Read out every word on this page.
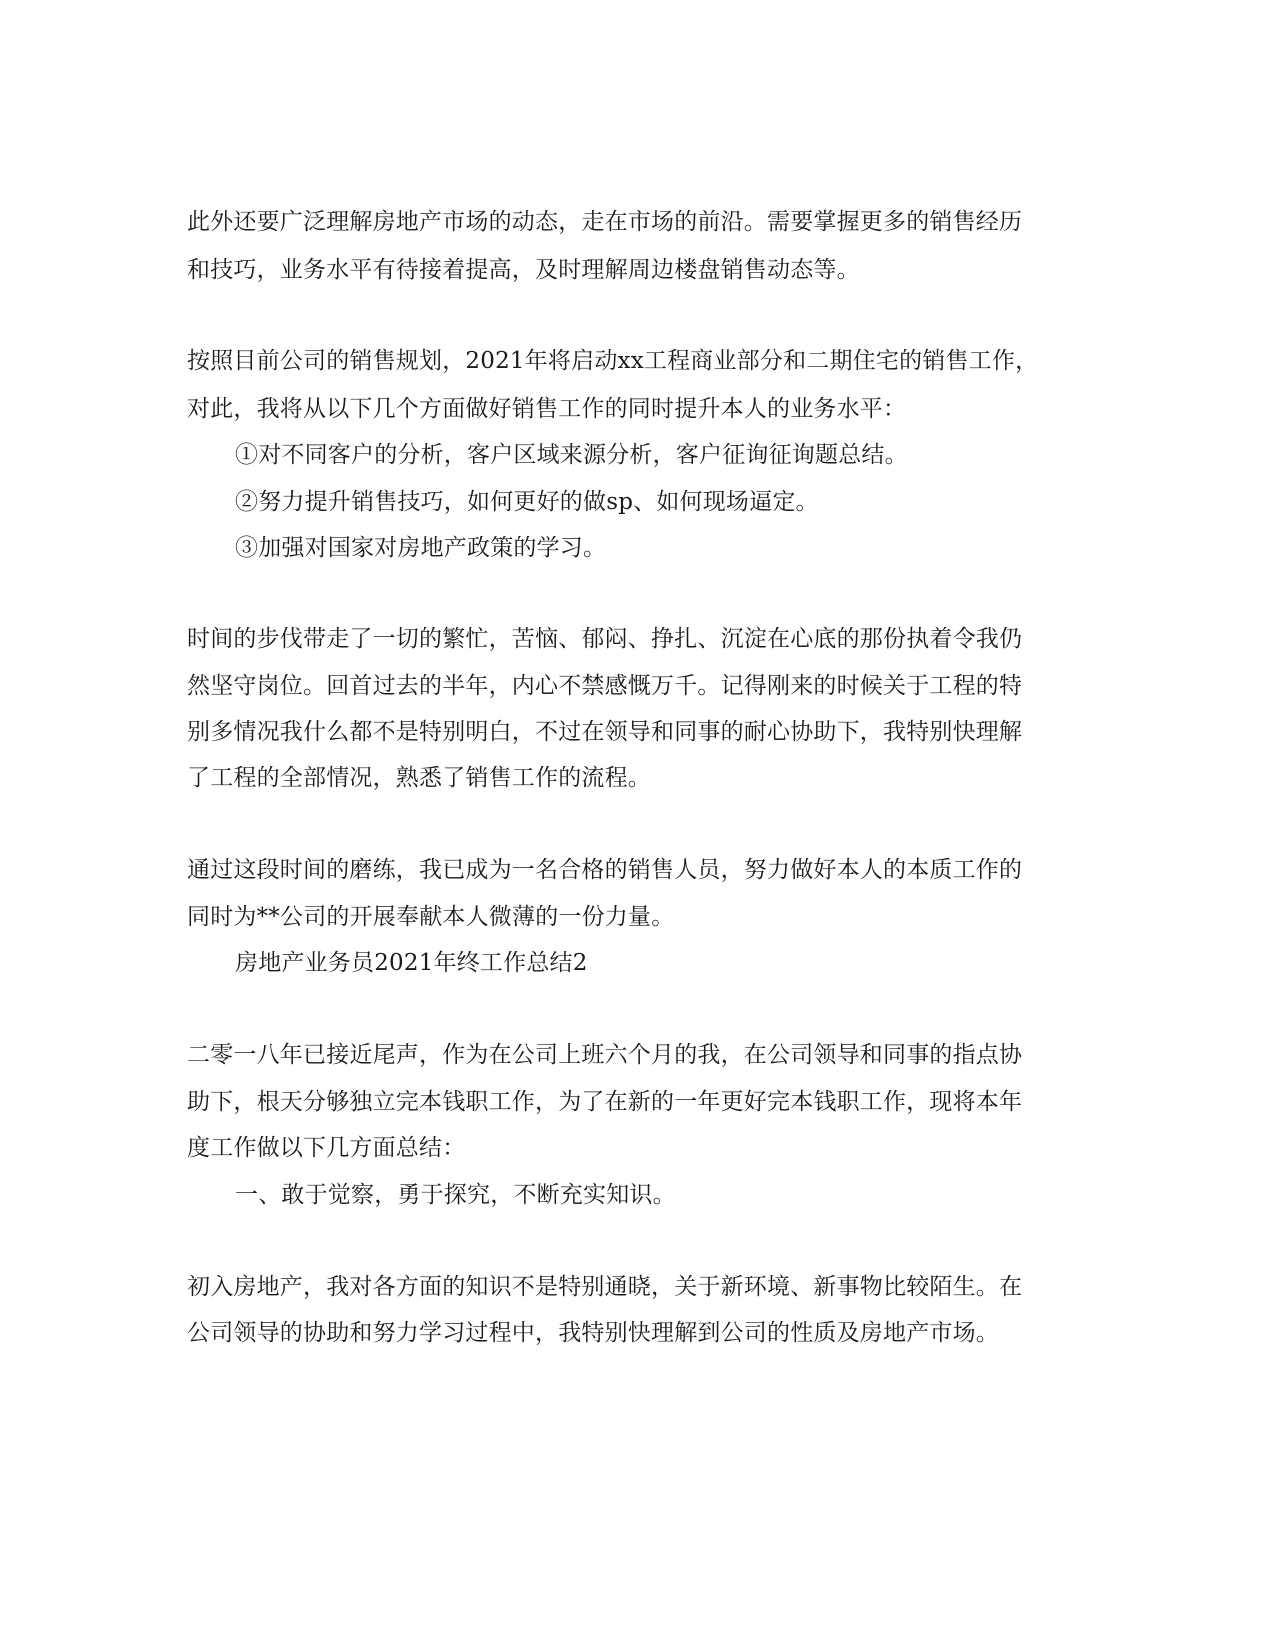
此外还要广泛理解房地产市场的动态，走在市场的前沿。需要掌握更多的销售经历
和技巧，业务水平有待接着提高，及时理解周边楼盘销售动态等。
按照目前公司的销售规划，2021年将启动xx工程商业部分和二期住宅的销售工作，
对此，我将从以下几个方面做好销售工作的同时提升本人的业务水平：
①对不同客户的分析，客户区域来源分析，客户征询征询题总结。
②努力提升销售技巧，如何更好的做sp、如何现场逼定。
③加强对国家对房地产政策的学习。
时间的步伐带走了一切的繁忙，苦恼、郁闷、挣扎、沉淀在心底的那份执着令我仍
然坚守岗位。回首过去的半年，内心不禁感慨万千。记得刚来的时候关于工程的特
别多情况我什么都不是特别明白，不过在领导和同事的耐心协助下，我特别快理解
了工程的全部情况，熟悉了销售工作的流程。
通过这段时间的磨练，我已成为一名合格的销售人员，努力做好本人的本质工作的
同时为**公司的开展奉献本人微薄的一份力量。
房地产业务员2021年终工作总结2
二零一八年已接近尾声，作为在公司上班六个月的我，在公司领导和同事的指点协
助下，根天分够独立完本钱职工作，为了在新的一年更好完本钱职工作，现将本年
度工作做以下几方面总结：
一、敢于觉察，勇于探究，不断充实知识。
初入房地产，我对各方面的知识不是特别通晓，关于新环境、新事物比较陌生。在
公司领导的协助和努力学习过程中，我特别快理解到公司的性质及房地产市场。
